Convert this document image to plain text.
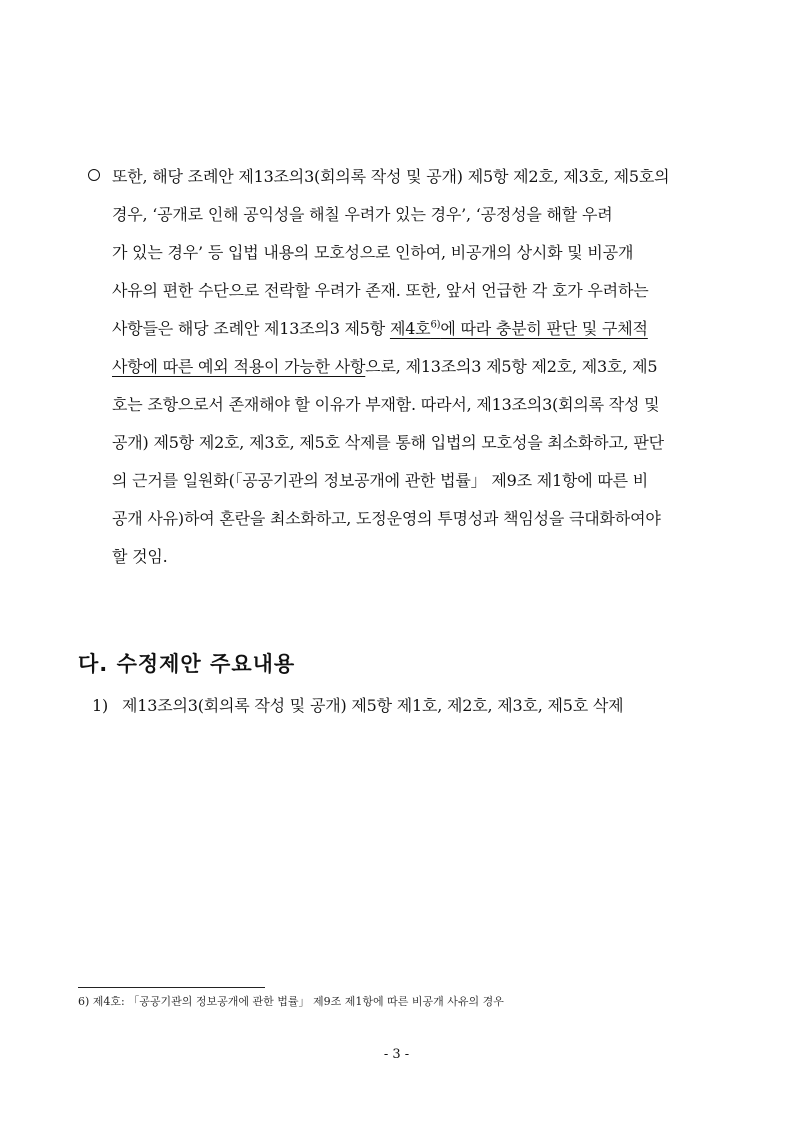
또한, 해당 조례안 제13조의3(회의록 작성 및 공개) 제5항 제2호, 제3호, 제5호의
경우, ‘공개로 인해 공익성을 해칠 우려가 있는 경우’, ‘공정성을 해할 우려
가 있는 경우’ 등 입법 내용의 모호성으로 인하여, 비공개의 상시화 및 비공개
사유의 편한 수단으로 전락할 우려가 존재. 또한, 앞서 언급한 각 호가 우려하는
사항들은 해당 조례안 제13조의3 제5항 제4호$^{6)}$에 따라 충분히 판단 및 구체적
사항에 따른 예외 적용이 가능한 사항으로, 제13조의3 제5항 제2호, 제3호, 제5
호는 조항으로서 존재해야 할 이유가 부재함. 따라서, 제13조의3(회의록 작성 및
공개) 제5항 제2호, 제3호, 제5호 삭제를 통해 입법의 모호성을 최소화하고, 판단
의 근거를 일원화(「공공기관의 정보공개에 관한 법률」 제9조 제1항에 따른 비
공개 사유)하여 혼란을 최소화하고, 도정운영의 투명성과 책임성을 극대화하여야
할 것임.
다. 수정제안 주요내용
1) 제13조의3(회의록 작성 및 공개) 제5항 제1호, 제2호, 제3호, 제5호 삭제
6) 제4호: 「공공기관의 정보공개에 관한 법률」 제9조 제1항에 따른 비공개 사유의 경우
- 3 -
